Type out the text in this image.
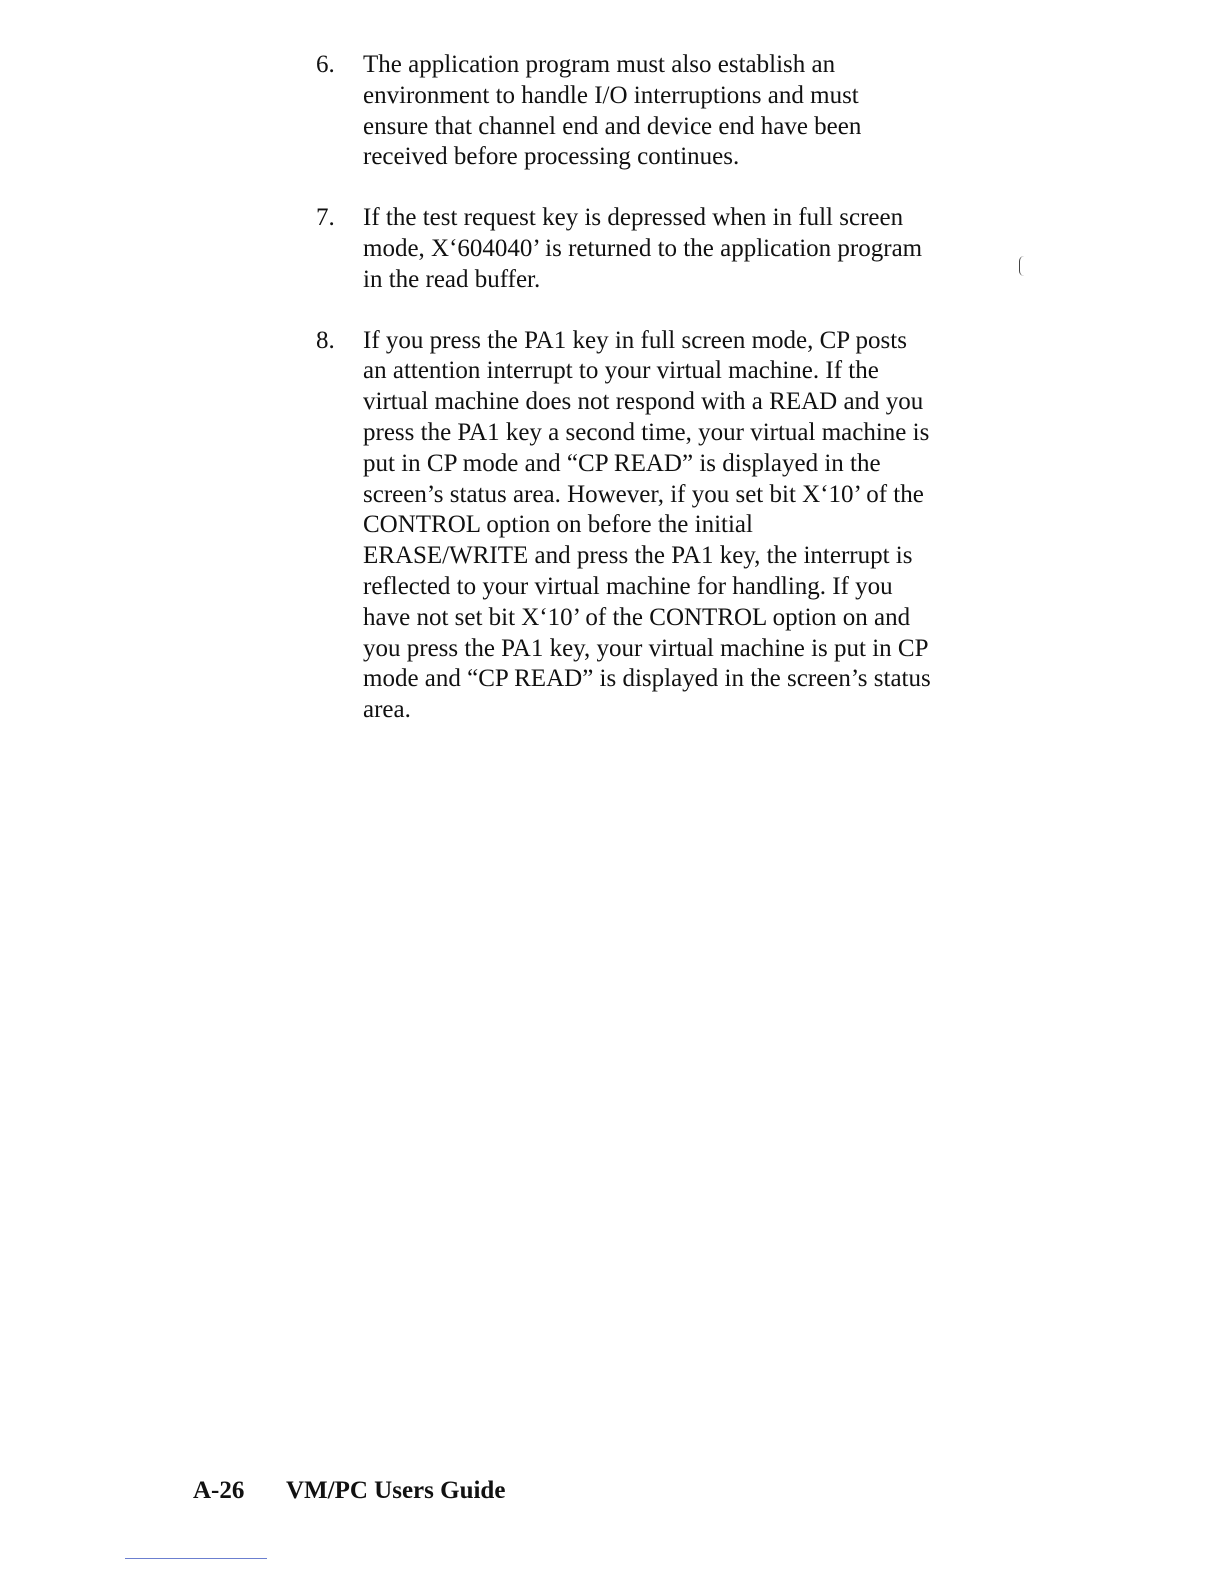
6. The application program must also establish an
environment to handle I/O interruptions and must
ensure that channel end and device end have been
received before processing continues.
7. If the test request key is depressed when in full screen
mode, X‘604040’ is returned to the application program
in the read buffer.
8. If you press the PA1 key in full screen mode, CP posts
an attention interrupt to your virtual machine. If the
virtual machine does not respond with a READ and you
press the PA1 key a second time, your virtual machine is
put in CP mode and “CP READ” is displayed in the
screen’s status area. However, if you set bit X‘10’ of the
CONTROL option on before the initial
ERASE/WRITE and press the PA1 key, the interrupt is
reflected to your virtual machine for handling. If you
have not set bit X‘10’ of the CONTROL option on and
you press the PA1 key, your virtual machine is put in CP
mode and “CP READ” is displayed in the screen’s status
area.
A-26 VM/PC Users Guide
